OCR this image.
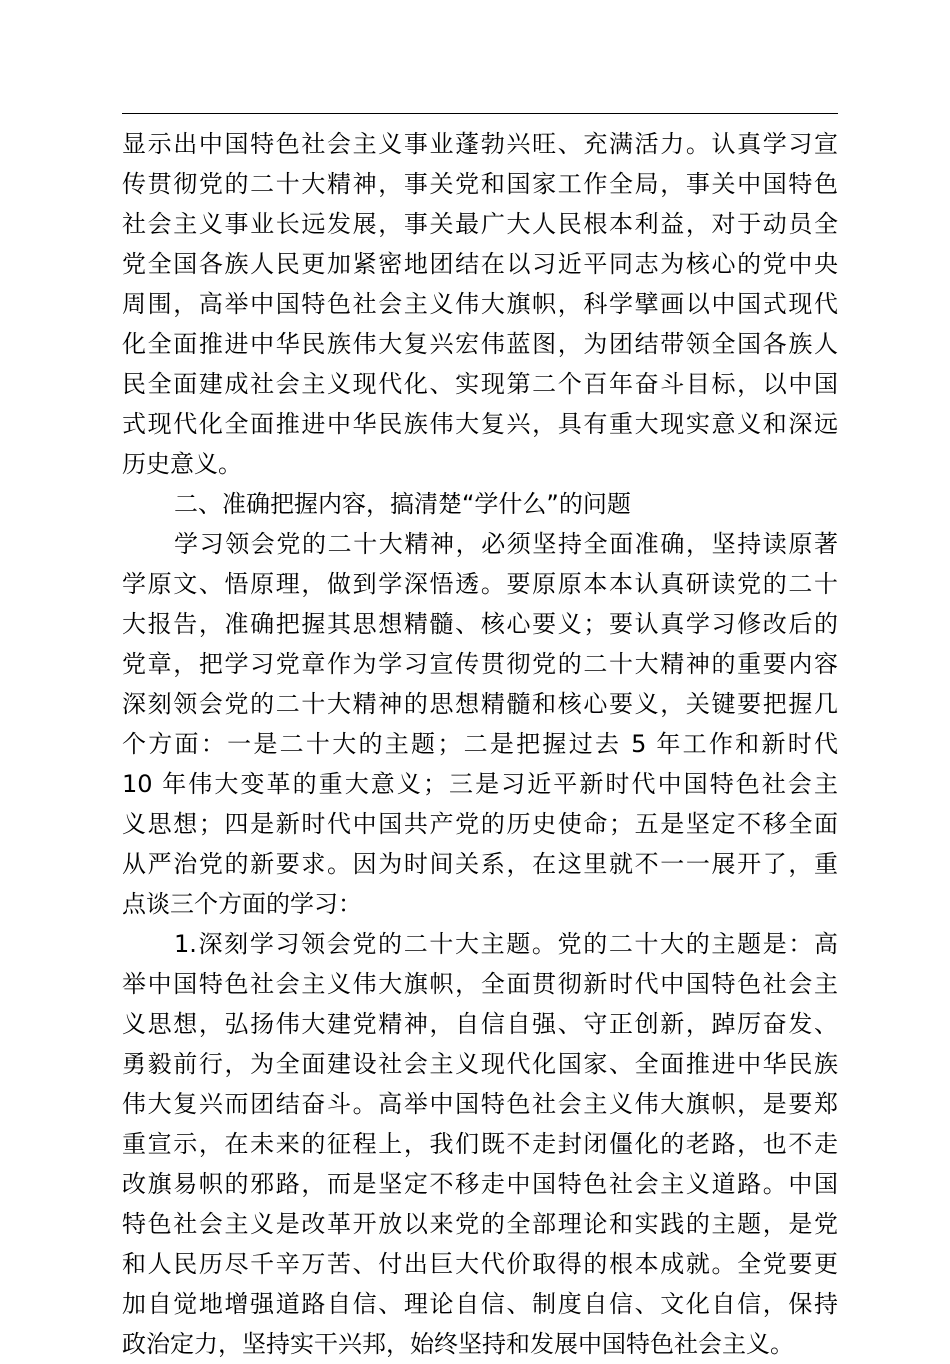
显示出中国特色社会主义事业蓬勃兴旺、充满活力。认真学习宣
传贯彻党的二十大精神，事关党和国家工作全局，事关中国特色
社会主义事业长远发展，事关最广大人民根本利益，对于动员全
党全国各族人民更加紧密地团结在以习近平同志为核心的党中央
周围，高举中国特色社会主义伟大旗帜，科学擘画以中国式现代
化全面推进中华民族伟大复兴宏伟蓝图，为团结带领全国各族人
民全面建成社会主义现代化、实现第二个百年奋斗目标，以中国
式现代化全面推进中华民族伟大复兴，具有重大现实意义和深远
历史意义。
二、准确把握内容，搞清楚“学什么”的问题
学习领会党的二十大精神，必须坚持全面准确，坚持读原著
学原文、悟原理，做到学深悟透。要原原本本认真研读党的二十
大报告，准确把握其思想精髓、核心要义；要认真学习修改后的
党章，把学习党章作为学习宣传贯彻党的二十大精神的重要内容
深刻领会党的二十大精神的思想精髓和核心要义，关键要把握几
个方面：一是二十大的主题；二是把握过去 5 年工作和新时代
10 年伟大变革的重大意义；三是习近平新时代中国特色社会主
义思想；四是新时代中国共产党的历史使命；五是坚定不移全面
从严治党的新要求。因为时间关系，在这里就不一一展开了，重
点谈三个方面的学习：
1.深刻学习领会党的二十大主题。党的二十大的主题是：高
举中国特色社会主义伟大旗帜，全面贯彻新时代中国特色社会主
义思想，弘扬伟大建党精神，自信自强、守正创新，踔厉奋发、
勇毅前行，为全面建设社会主义现代化国家、全面推进中华民族
伟大复兴而团结奋斗。高举中国特色社会主义伟大旗帜，是要郑
重宣示，在未来的征程上，我们既不走封闭僵化的老路，也不走
改旗易帜的邪路，而是坚定不移走中国特色社会主义道路。中国
特色社会主义是改革开放以来党的全部理论和实践的主题，是党
和人民历尽千辛万苦、付出巨大代价取得的根本成就。全党要更
加自觉地增强道路自信、理论自信、制度自信、文化自信，保持
政治定力，坚持实干兴邦，始终坚持和发展中国特色社会主义。
